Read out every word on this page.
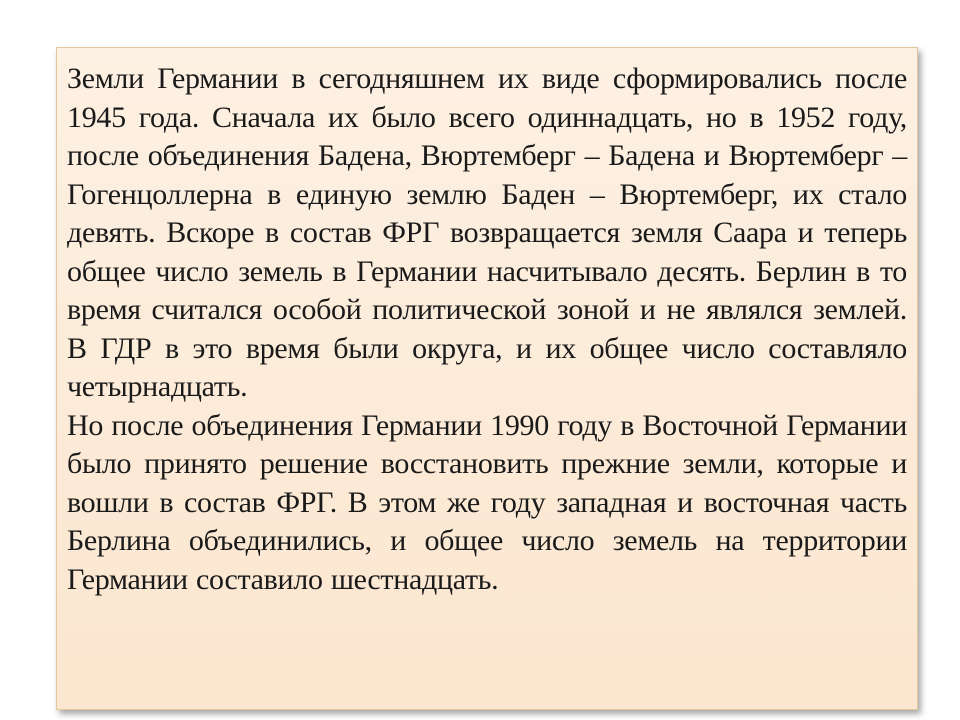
Земли Германии в сегодняшнем их виде сформировались после 1945 года. Сначала их было всего одиннадцать, но в 1952 году, после объединения Бадена, Вюртемберг – Бадена и Вюртемберг – Гогенцоллерна в единую землю Баден – Вюртемберг, их стало девять. Вскоре в состав ФРГ возвращается земля Саара и теперь общее число земель в Германии насчитывало десять. Берлин в то время считался особой политической зоной и не являлся землей. В ГДР в это время были округа, и их общее число составляло четырнадцать.

Но после объединения Германии 1990 году в Восточной Германии было принято решение восстановить прежние земли, которые и вошли в состав ФРГ. В этом же году западная и восточная часть Берлина объединились, и общее число земель на территории Германии составило шестнадцать.
